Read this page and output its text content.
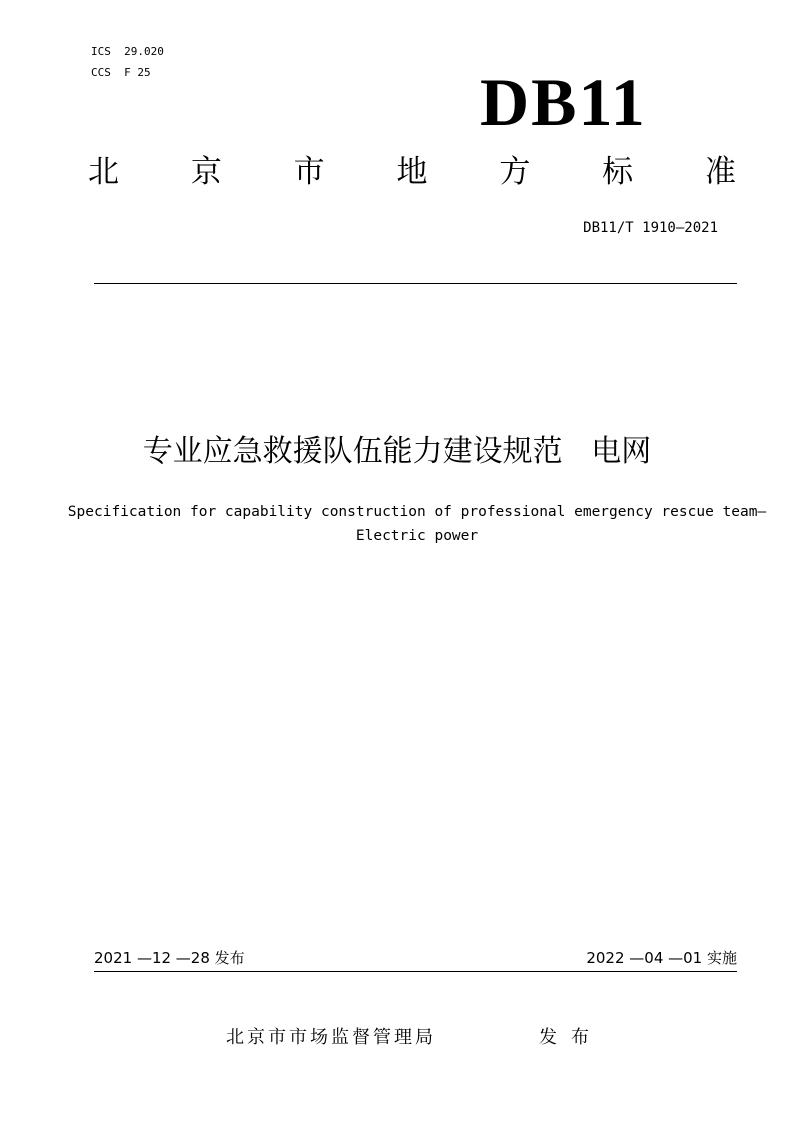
ICS  29.020
CCS  F 25	DB11
北 京 市 地 方 标 准
DB11/T 1910—2021
专业应急救援队伍能力建设规范   电网
Specification for capability construction of professional emergency rescue team— Electric power
2021 —12 —28 发布	2022 —04 —01 实施
北京市市场监督管理局	发布
